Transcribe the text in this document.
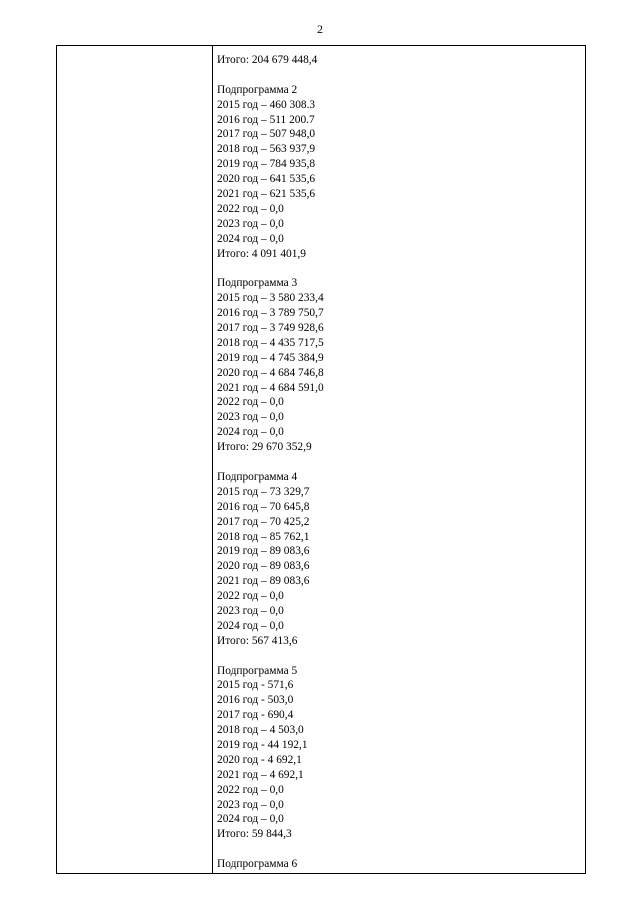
2
Итого: 204 679 448,4
Подпрограмма 2
2015 год – 460 308.3
2016 год – 511 200.7
2017 год – 507 948,0
2018 год – 563 937,9
2019 год – 784 935,8
2020 год – 641 535,6
2021 год – 621 535,6
2022 год – 0,0
2023 год – 0,0
2024 год – 0,0
Итого: 4 091 401,9
Подпрограмма 3
2015 год – 3 580 233,4
2016 год – 3 789 750,7
2017 год – 3 749 928,6
2018 год – 4 435 717,5
2019 год – 4 745 384,9
2020 год – 4 684 746,8
2021 год – 4 684 591,0
2022 год – 0,0
2023 год – 0,0
2024 год – 0,0
Итого: 29 670 352,9
Подпрограмма 4
2015 год – 73 329,7
2016 год – 70 645,8
2017 год – 70 425,2
2018 год – 85 762,1
2019 год – 89 083,6
2020 год – 89 083,6
2021 год – 89 083,6
2022 год – 0,0
2023 год – 0,0
2024 год – 0,0
Итого: 567 413,6
Подпрограмма 5
2015 год - 571,6
2016 год - 503,0
2017 год - 690,4
2018 год – 4 503,0
2019 год - 44 192,1
2020 год - 4 692,1
2021 год – 4 692,1
2022 год – 0,0
2023 год – 0,0
2024 год – 0,0
Итого: 59 844,3
Подпрограмма 6
